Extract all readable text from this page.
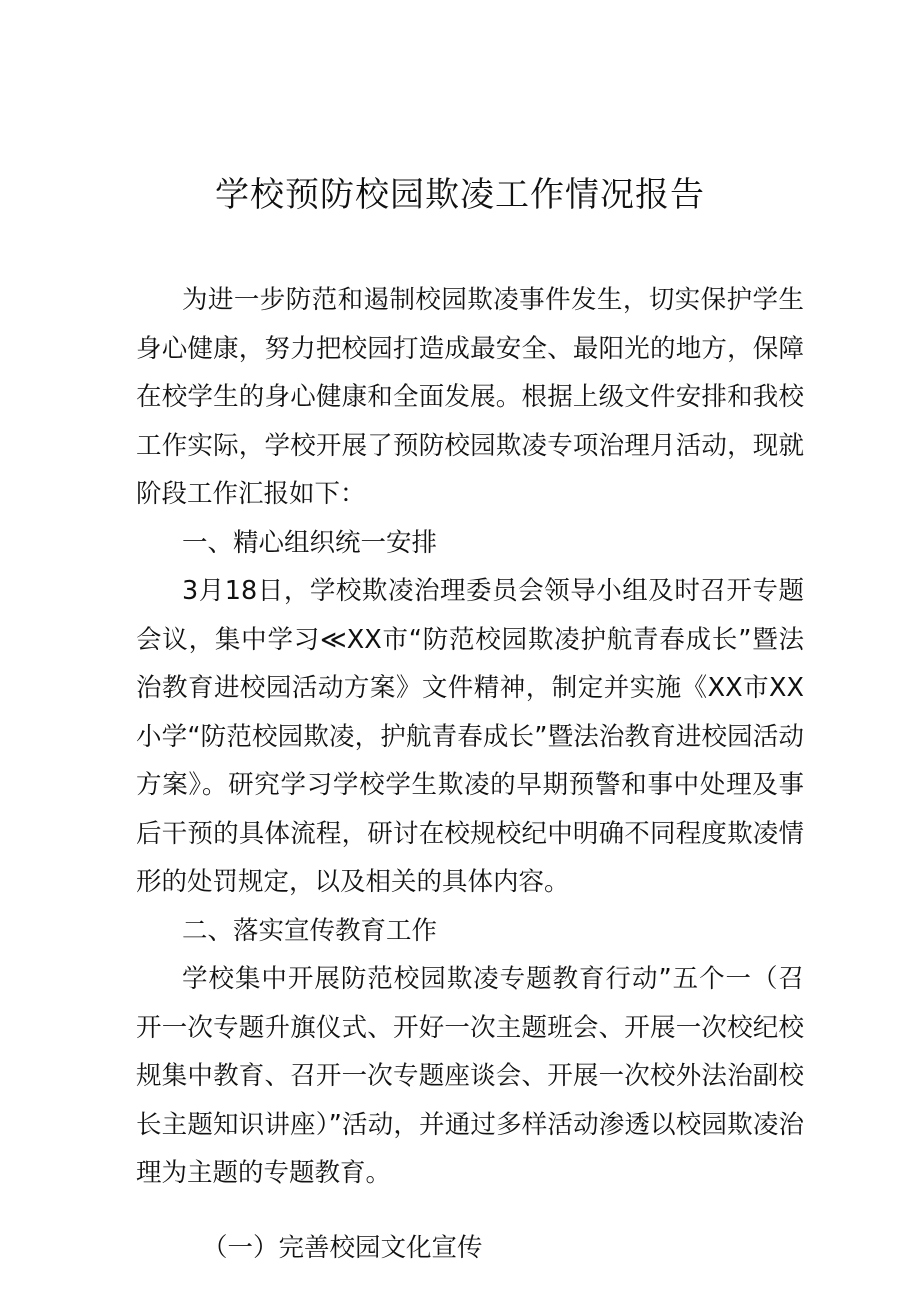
学校预防校园欺凌工作情况报告

为进一步防范和遏制校园欺凌事件发生，切实保护学生身心健康，努力把校园打造成最安全、最阳光的地方，保障在校学生的身心健康和全面发展。根据上级文件安排和我校工作实际，学校开展了预防校园欺凌专项治理月活动，现就阶段工作汇报如下：

一、精心组织统一安排

3月18日，学校欺凌治理委员会领导小组及时召开专题会议，集中学习≪XX市“防范校园欺凌护航青春成长”暨法治教育进校园活动方案》文件精神，制定并实施《XX市XX小学“防范校园欺凌，护航青春成长”暨法治教育进校园活动方案》。研究学习学校学生欺凌的早期预警和事中处理及事后干预的具体流程，研讨在校规校纪中明确不同程度欺凌情形的处罚规定，以及相关的具体内容。

二、落实宣传教育工作

学校集中开展防范校园欺凌专题教育行动”五个一（召开一次专题升旗仪式、开好一次主题班会、开展一次校纪校规集中教育、召开一次专题座谈会、开展一次校外法治副校长主题知识讲座）”活动，并通过多样活动渗透以校园欺凌治理为主题的专题教育。

（一）完善校园文化宣传
